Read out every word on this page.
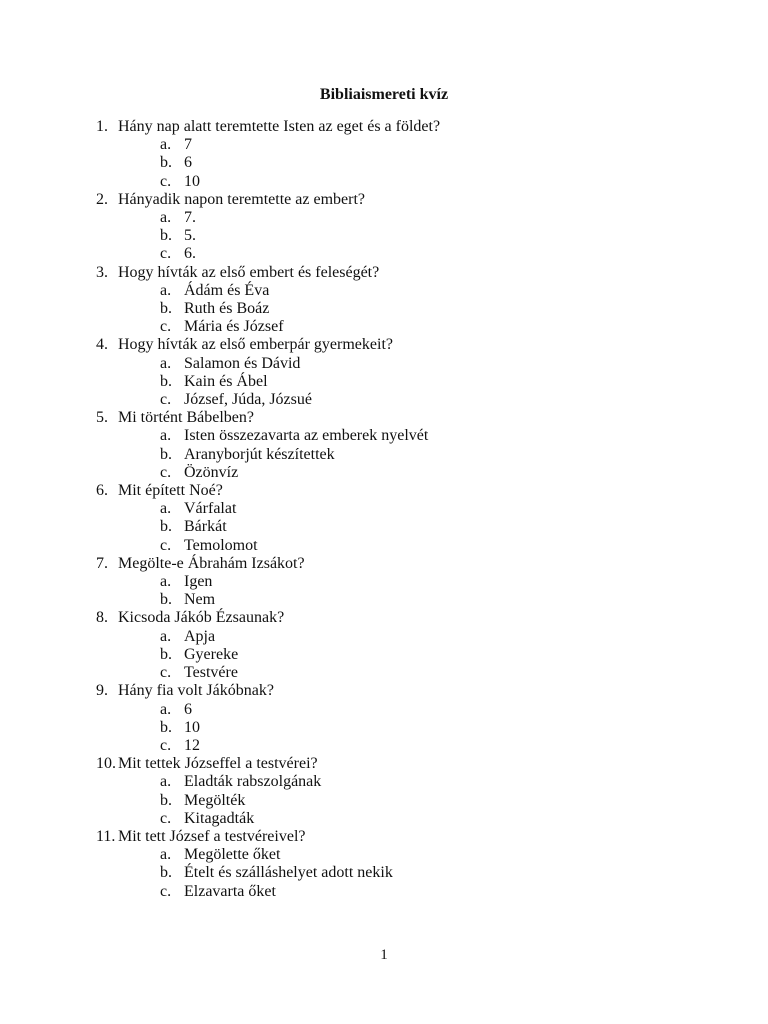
Bibliaismereti kvíz
1. Hány nap alatt teremtette Isten az eget és a földet?
a. 7
b. 6
c. 10
2. Hányadik napon teremtette az embert?
a. 7.
b. 5.
c. 6.
3. Hogy hívták az első embert és feleségét?
a. Ádám és Éva
b. Ruth és Boáz
c. Mária és József
4. Hogy hívták az első emberpár gyermekeit?
a. Salamon és Dávid
b. Kain és Ábel
c. József, Júda, Józsué
5. Mi történt Bábelben?
a. Isten összezavarta az emberek nyelvét
b. Aranyborjút készítettek
c. Özönvíz
6. Mit épített Noé?
a. Várfalat
b. Bárkát
c. Temolomot
7. Megölte-e Ábrahám Izsákot?
a. Igen
b. Nem
8. Kicsoda Jákób Ézsaunak?
a. Apja
b. Gyereke
c. Testvére
9. Hány fia volt Jákóbnak?
a. 6
b. 10
c. 12
10. Mit tettek Józseffel a testvérei?
a. Eladták rabszolgának
b. Megölték
c. Kitagadták
11. Mit tett József a testvéreivel?
a. Megölette őket
b. Ételt és szálláshelyet adott nekik
c. Elzavarta őket
1
